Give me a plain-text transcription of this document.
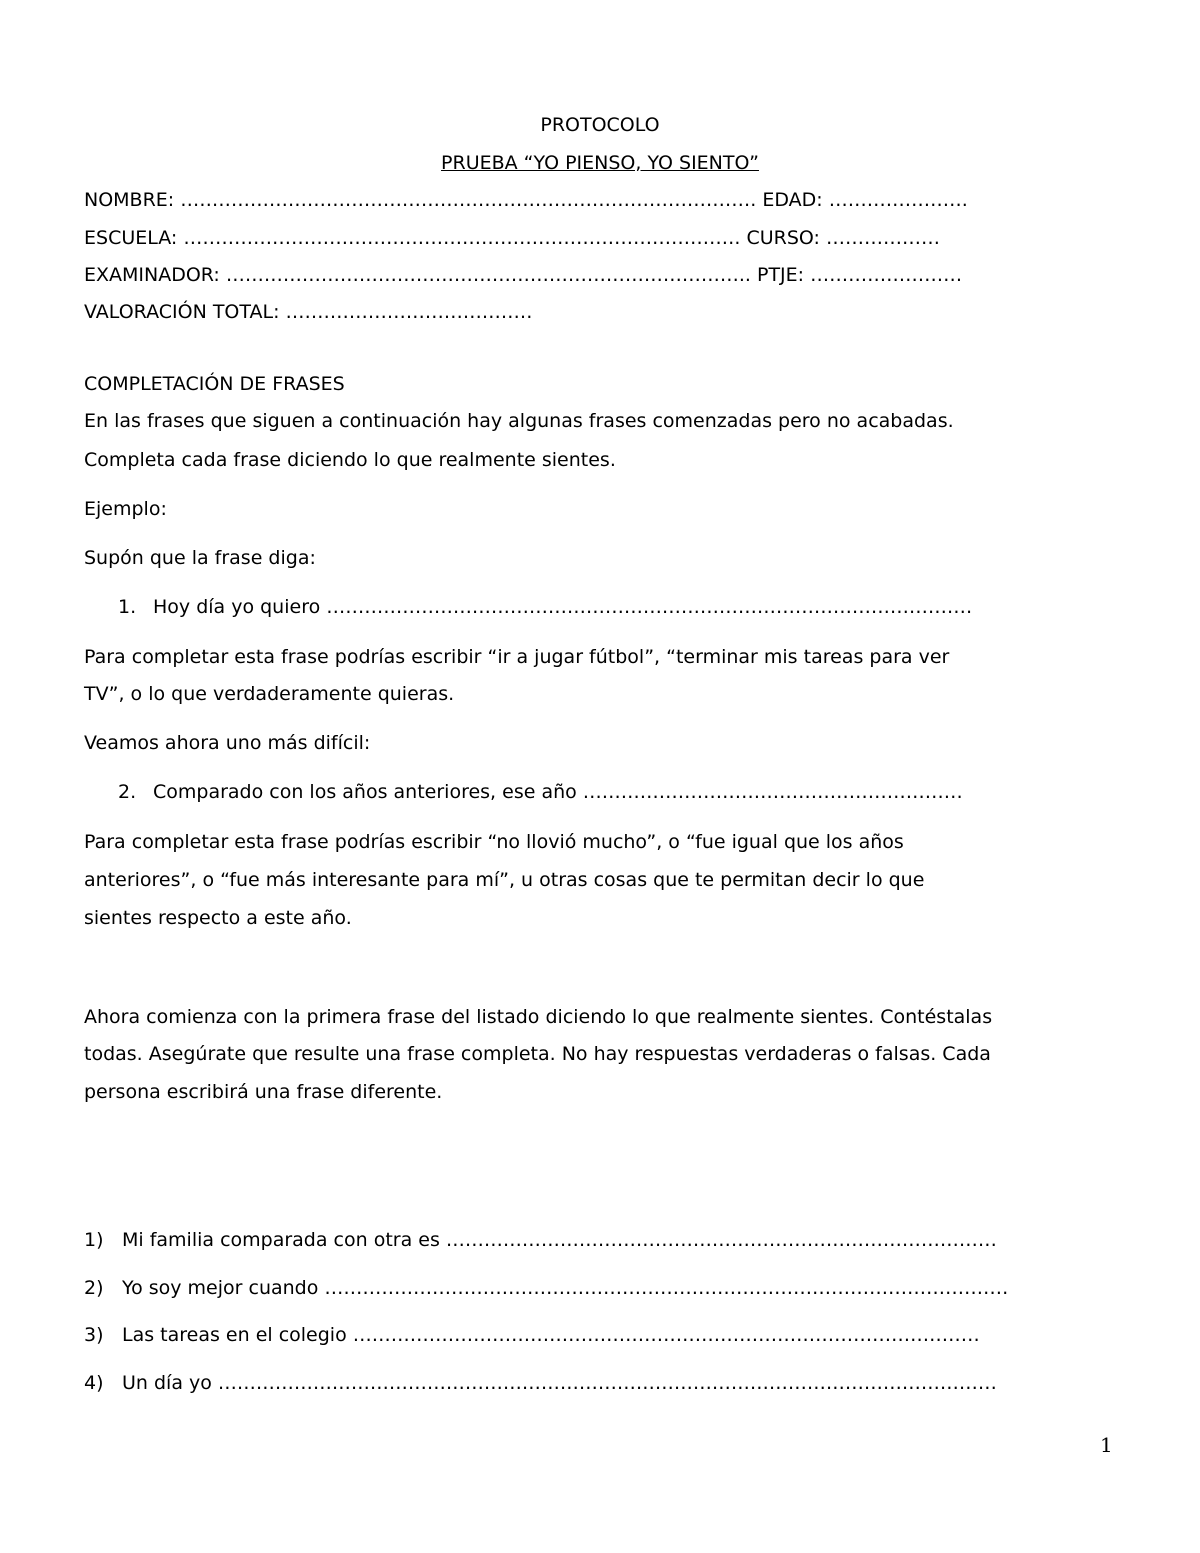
PROTOCOLO
PRUEBA “YO PIENSO, YO SIENTO”
NOMBRE: ………………………………………………………………………………. EDAD: ………………….
ESCUELA: ……………………………………………………………………………. CURSO: ………………
EXAMINADOR: ……………………………………………………………………….. PTJE: ……………………
VALORACIÓN TOTAL: …………………………………
COMPLETACIÓN DE FRASES
En las frases que siguen a continuación hay algunas frases comenzadas pero no acabadas.
Completa cada frase diciendo lo que realmente sientes.
Ejemplo:
Supón que la frase diga:
1. Hoy día yo quiero …………………………………………………………………………………………
Para completar esta frase podrías escribir “ir a jugar fútbol”, “terminar mis tareas para ver
TV”, o lo que verdaderamente quieras.
Veamos ahora uno más difícil:
2. Comparado con los años anteriores, ese año ……………………………………………………
Para completar esta frase podrías escribir “no llovió mucho”, o “fue igual que los años
anteriores”, o “fue más interesante para mí”, u otras cosas que te permitan decir lo que
sientes respecto a este año.
Ahora comienza con la primera frase del listado diciendo lo que realmente sientes. Contéstalas
todas. Asegúrate que resulte una frase completa. No hay respuestas verdaderas o falsas. Cada
persona escribirá una frase diferente.
1) Mi familia comparada con otra es ……………………………………………………………………………
2) Yo soy mejor cuando ………………………………………………………………………………………………
3) Las tareas en el colegio ………………………………………………………………………………………
4) Un día yo ……………………………………………………………………………………………………………
1
